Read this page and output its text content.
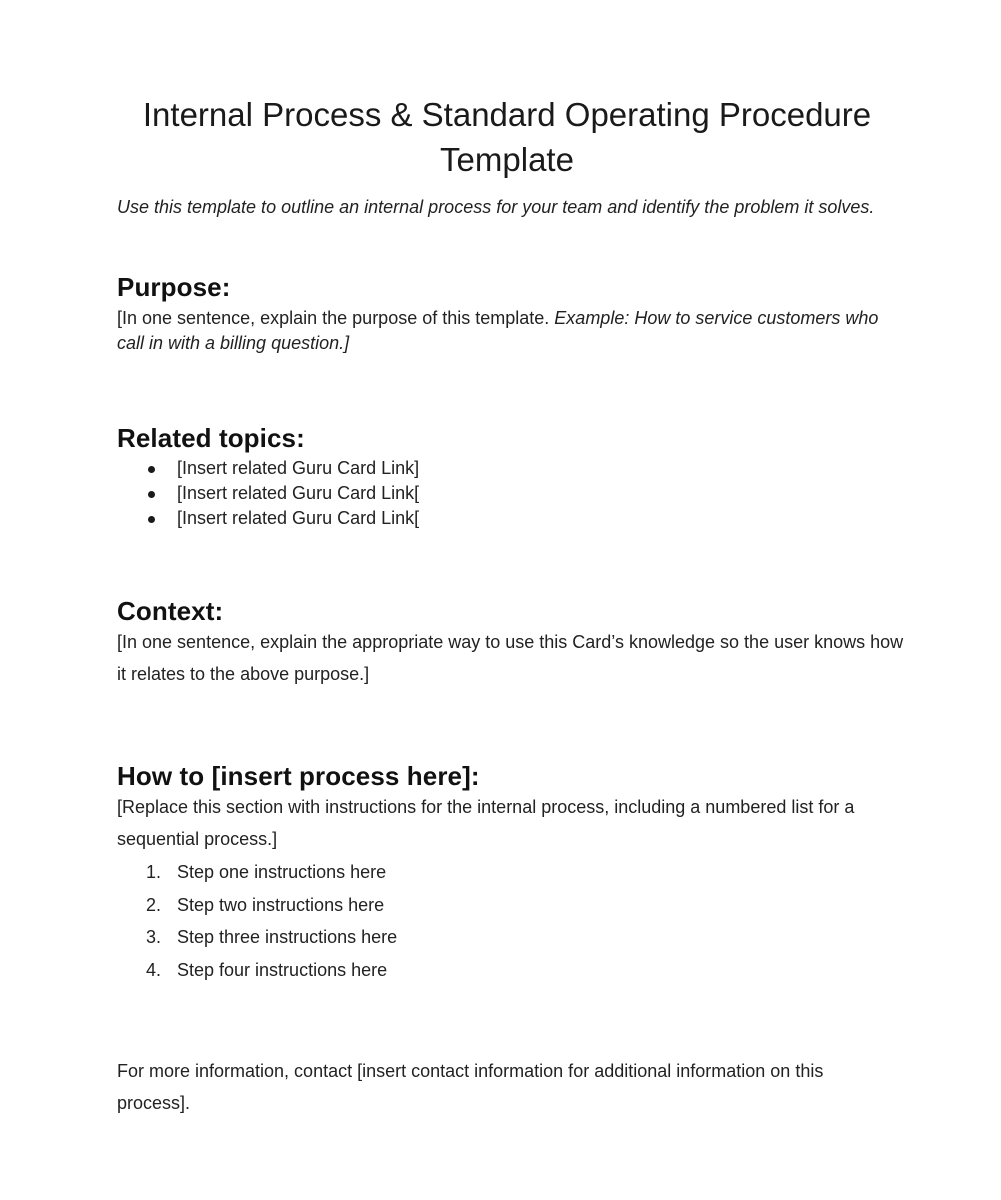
Internal Process & Standard Operating Procedure Template

Use this template to outline an internal process for your team and identify the problem it solves.

Purpose:

[In one sentence, explain the purpose of this template. Example: How to service customers who call in with a billing question.]

Related topics:
[Insert related Guru Card Link]
[Insert related Guru Card Link[
[Insert related Guru Card Link[
Context:

[In one sentence, explain the appropriate way to use this Card’s knowledge so the user knows how it relates to the above purpose.]

How to [insert process here]:

[Replace this section with instructions for the internal process, including a numbered list for a sequential process.]

1. Step one instructions here
2. Step two instructions here
3. Step three instructions here
4. Step four instructions here

For more information, contact [insert contact information for additional information on this process].
